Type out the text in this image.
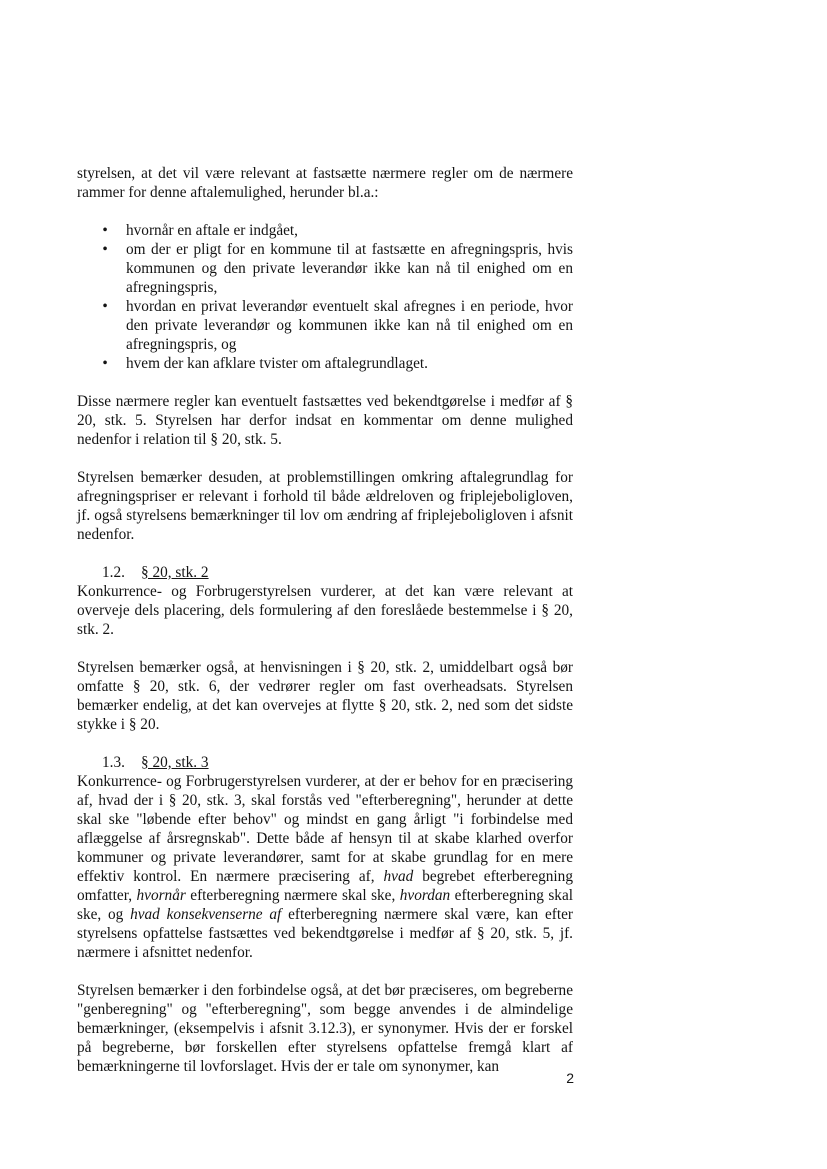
styrelsen, at det vil være relevant at fastsætte nærmere regler om de nærmere rammer for denne aftalemulighed, herunder bl.a.:

• hvornår en aftale er indgået,
• om der er pligt for en kommune til at fastsætte en afregningspris, hvis kommunen og den private leverandør ikke kan nå til enighed om en afregningspris,
• hvordan en privat leverandør eventuelt skal afregnes i en periode, hvor den private leverandør og kommunen ikke kan nå til enighed om en afregningspris, og
• hvem der kan afklare tvister om aftalegrundlaget.

Disse nærmere regler kan eventuelt fastsættes ved bekendtgørelse i medfør af § 20, stk. 5. Styrelsen har derfor indsat en kommentar om denne mulighed nedenfor i relation til § 20, stk. 5.

Styrelsen bemærker desuden, at problemstillingen omkring aftalegrundlag for afregningspriser er relevant i forhold til både ældreloven og friplejeboligloven, jf. også styrelsens bemærkninger til lov om ændring af friplejeboligloven i afsnit nedenfor.

1.2. § 20, stk. 2

Konkurrence- og Forbrugerstyrelsen vurderer, at det kan være relevant at overveje dels placering, dels formulering af den foreslåede bestemmelse i § 20, stk. 2.

Styrelsen bemærker også, at henvisningen i § 20, stk. 2, umiddelbart også bør omfatte § 20, stk. 6, der vedrører regler om fast overheadsats. Styrelsen bemærker endelig, at det kan overvejes at flytte § 20, stk. 2, ned som det sidste stykke i § 20.

1.3. § 20, stk. 3

Konkurrence- og Forbrugerstyrelsen vurderer, at der er behov for en præcisering af, hvad der i § 20, stk. 3, skal forstås ved "efterberegning", herunder at dette skal ske "løbende efter behov" og mindst en gang årligt "i forbindelse med aflæggelse af årsregnskab". Dette både af hensyn til at skabe klarhed overfor kommuner og private leverandører, samt for at skabe grundlag for en mere effektiv kontrol. En nærmere præcisering af, hvad begrebet efterberegning omfatter, hvornår efterberegning nærmere skal ske, hvordan efterberegning skal ske, og hvad konsekvenserne af efterberegning nærmere skal være, kan efter styrelsens opfattelse fastsættes ved bekendtgørelse i medfør af § 20, stk. 5, jf. nærmere i afsnittet nedenfor.

Styrelsen bemærker i den forbindelse også, at det bør præciseres, om begreberne "genberegning" og "efterberegning", som begge anvendes i de almindelige bemærkninger, (eksempelvis i afsnit 3.12.3), er synonymer. Hvis der er forskel på begreberne, bør forskellen efter styrelsens opfattelse fremgå klart af bemærkningerne til lovforslaget. Hvis der er tale om synonymer, kan

2
